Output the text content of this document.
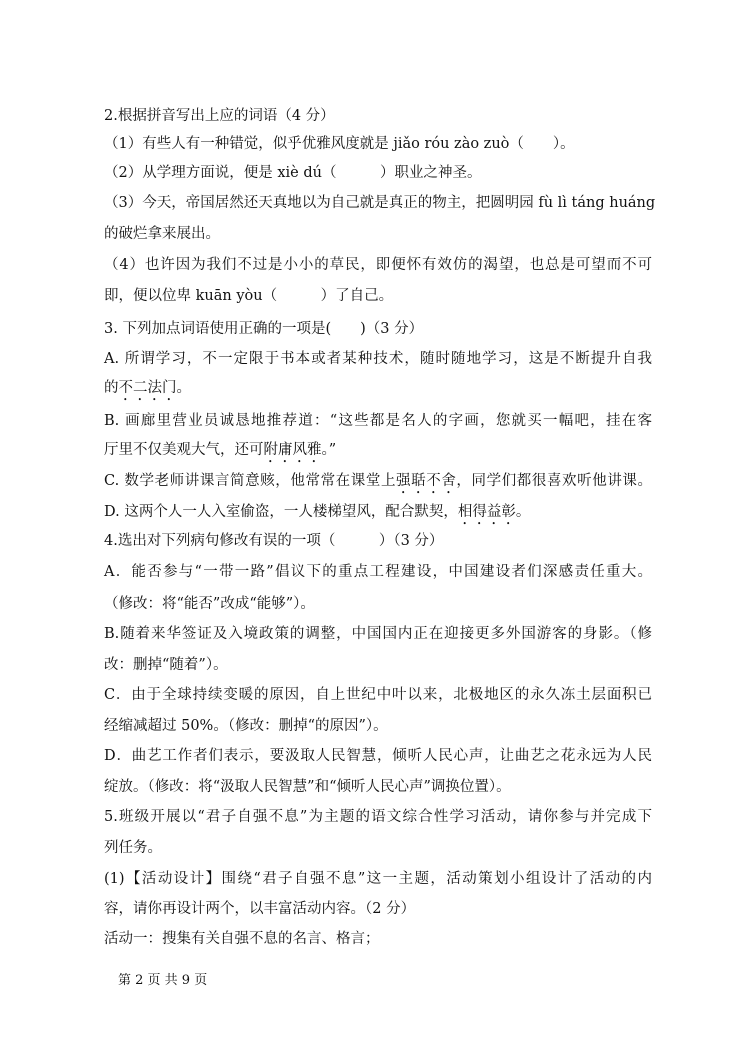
2.根据拼音写出上应的词语（4 分）
（1）有些人有一种错觉，似乎优雅风度就是 jiǎo róu zào zuò（　　）。
（2）从学理方面说，便是 xiè dú（　　　）职业之神圣。
（3）今天，帝国居然还天真地以为自己就是真正的物主，把圆明园 fù lì táng huáng
的破烂拿来展出。
（4）也许因为我们不过是小小的草民，即便怀有效仿的渴望，也总是可望而不可
即，便以位卑 kuān yòu（　　　）了自己。
3. 下列加点词语使用正确的一项是(　　)（3 分）
A. 所谓学习，不一定限于书本或者某种技术，随时随地学习，这是不断提升自我
的不二法门。
B. 画廊里营业员诚恳地推荐道：“这些都是名人的字画，您就买一幅吧，挂在客
厅里不仅美观大气，还可附庸风雅。”
C. 数学老师讲课言简意赅，他常常在课堂上强聒不舍，同学们都很喜欢听他讲课。
D. 这两个人一人入室偷盗，一人楼梯望风，配合默契，相得益彰。
4.选出对下列病句修改有误的一项（　　　）（3 分）
A．能否参与“一带一路”倡议下的重点工程建设，中国建设者们深感责任重大。
（修改：将“能否”改成“能够”）。
B.随着来华签证及入境政策的调整，中国国内正在迎接更多外国游客的身影。（修
改：删掉“随着”）。
C．由于全球持续变暖的原因，自上世纪中叶以来，北极地区的永久冻土层面积已
经缩减超过 50%。（修改：删掉“的原因”）。
D．曲艺工作者们表示，要汲取人民智慧，倾听人民心声，让曲艺之花永远为人民
绽放。（修改：将“汲取人民智慧”和“倾听人民心声”调换位置）。
5.班级开展以“君子自强不息”为主题的语文综合性学习活动，请你参与并完成下
列任务。
(1)【活动设计】围绕“君子自强不息”这一主题，活动策划小组设计了活动的内
容，请你再设计两个，以丰富活动内容。（2 分）
活动一：搜集有关自强不息的名言、格言；
第 2 页 共 9 页
